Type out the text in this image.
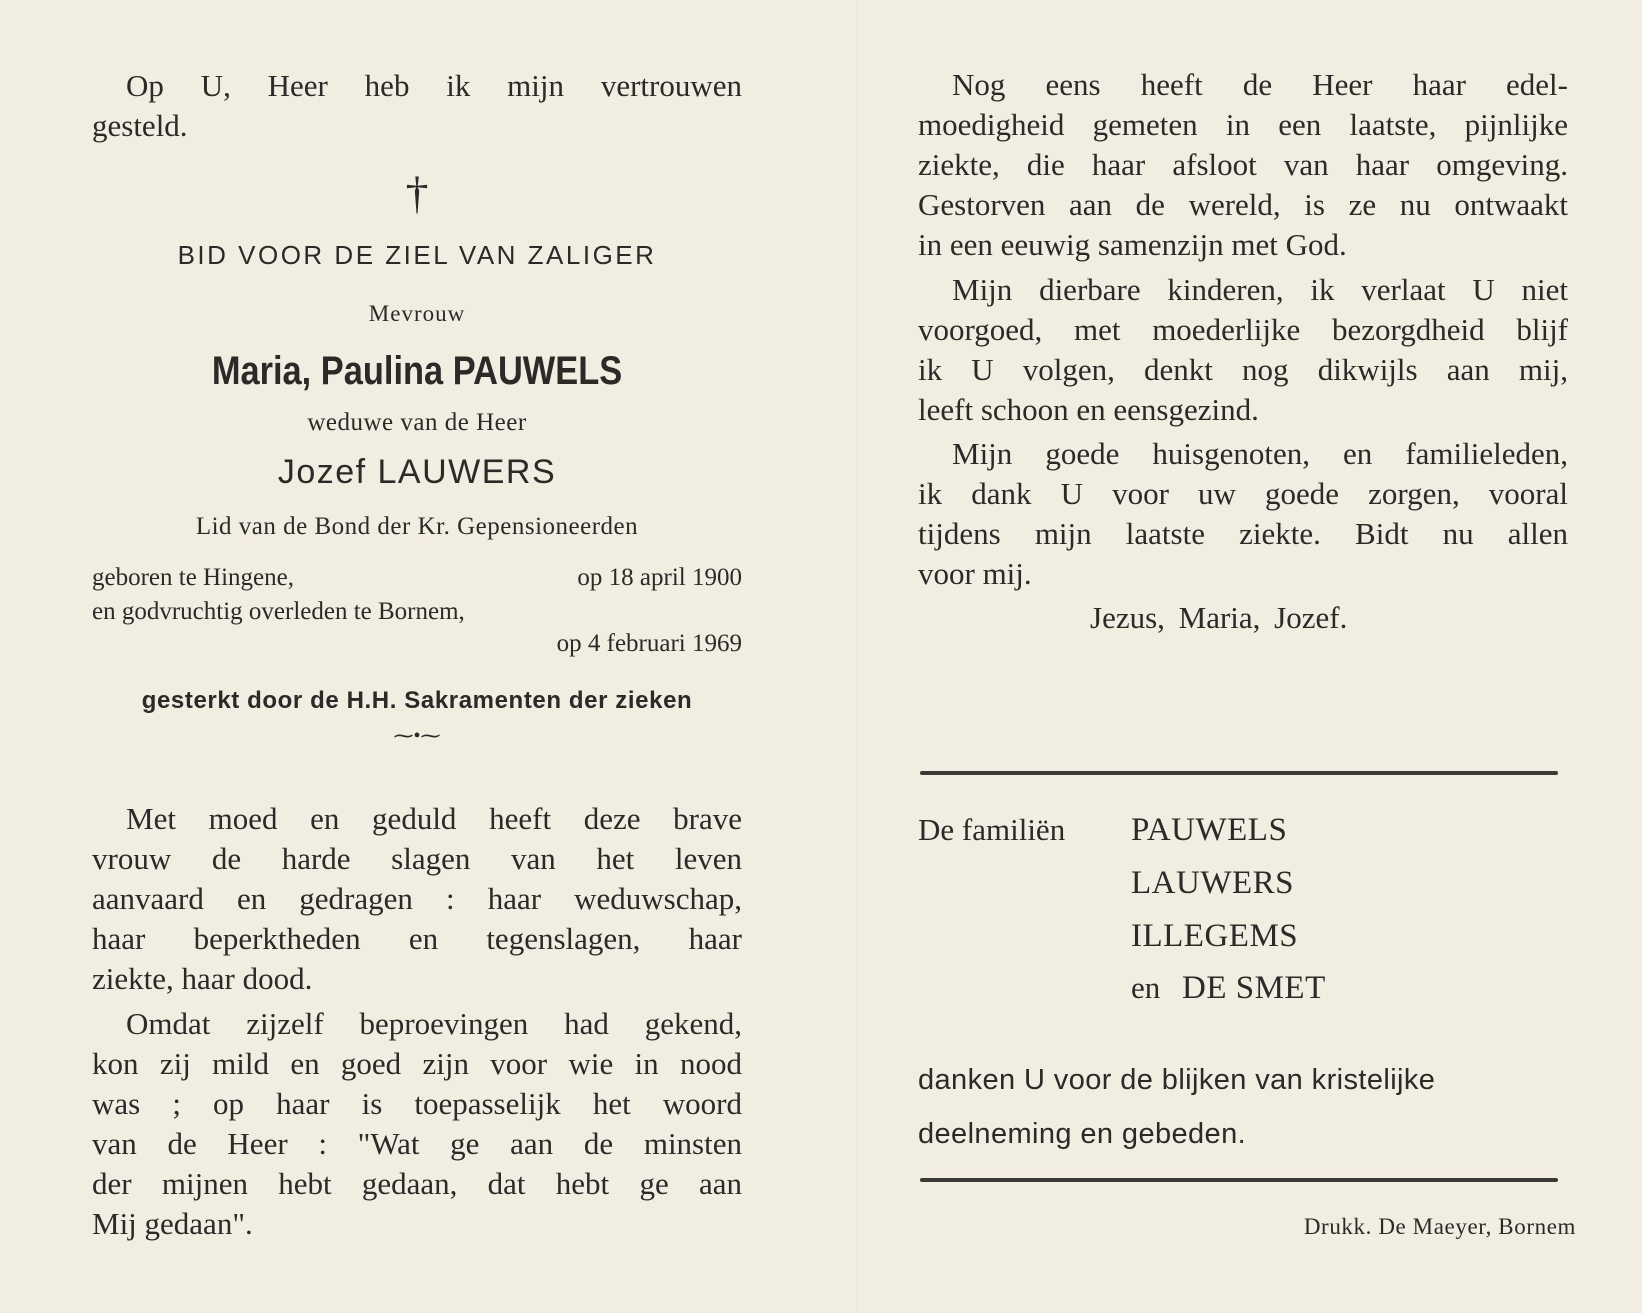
Op U, Heer heb ik mijn vertrouwen

gesteld.

†
BID VOOR DE ZIEL VAN ZALIGER
Mevrouw
Maria, Paulina PAUWELS
weduwe van de Heer
Jozef LAUWERS
Lid van de Bond der Kr. Gepensioneerden
geboren te Hingene,	op 18 april 1900
en godvruchtig overleden te Bornem,
op 4 februari 1969
gesterkt door de H.H. Sakramenten der zieken
⁓•⁓

Met moed en geduld heeft deze brave

vrouw de harde slagen van het leven

aanvaard en gedragen : haar weduwschap,

haar beperktheden en tegenslagen, haar

ziekte, haar dood.

Omdat zijzelf beproevingen had gekend,

kon zij mild en goed zijn voor wie in nood

was ; op haar is toepasselijk het woord

van de Heer : "Wat ge aan de minsten

der mijnen hebt gedaan, dat hebt ge aan

Mij gedaan".

Nog eens heeft de Heer haar edel-

moedigheid gemeten in een laatste, pijnlijke

ziekte, die haar afsloot van haar omgeving.

Gestorven aan de wereld, is ze nu ontwaakt

in een eeuwig samenzijn met God.

Mijn dierbare kinderen, ik verlaat U niet

voorgoed, met moederlijke bezorgdheid blijf

ik U volgen, denkt nog dikwijls aan mij,

leeft schoon en eensgezind.

Mijn goede huisgenoten, en familieleden,

ik dank U voor uw goede zorgen, vooral

tijdens mijn laatste ziekte. Bidt nu allen

voor mij.

Jezus, Maria, Jozef.
De familiën PAUWELS
LAUWERS
ILLEGEMS
en DE SMET
danken U voor de blijken van kristelijke
deelneming en gebeden.
Drukk. De Maeyer, Bornem
